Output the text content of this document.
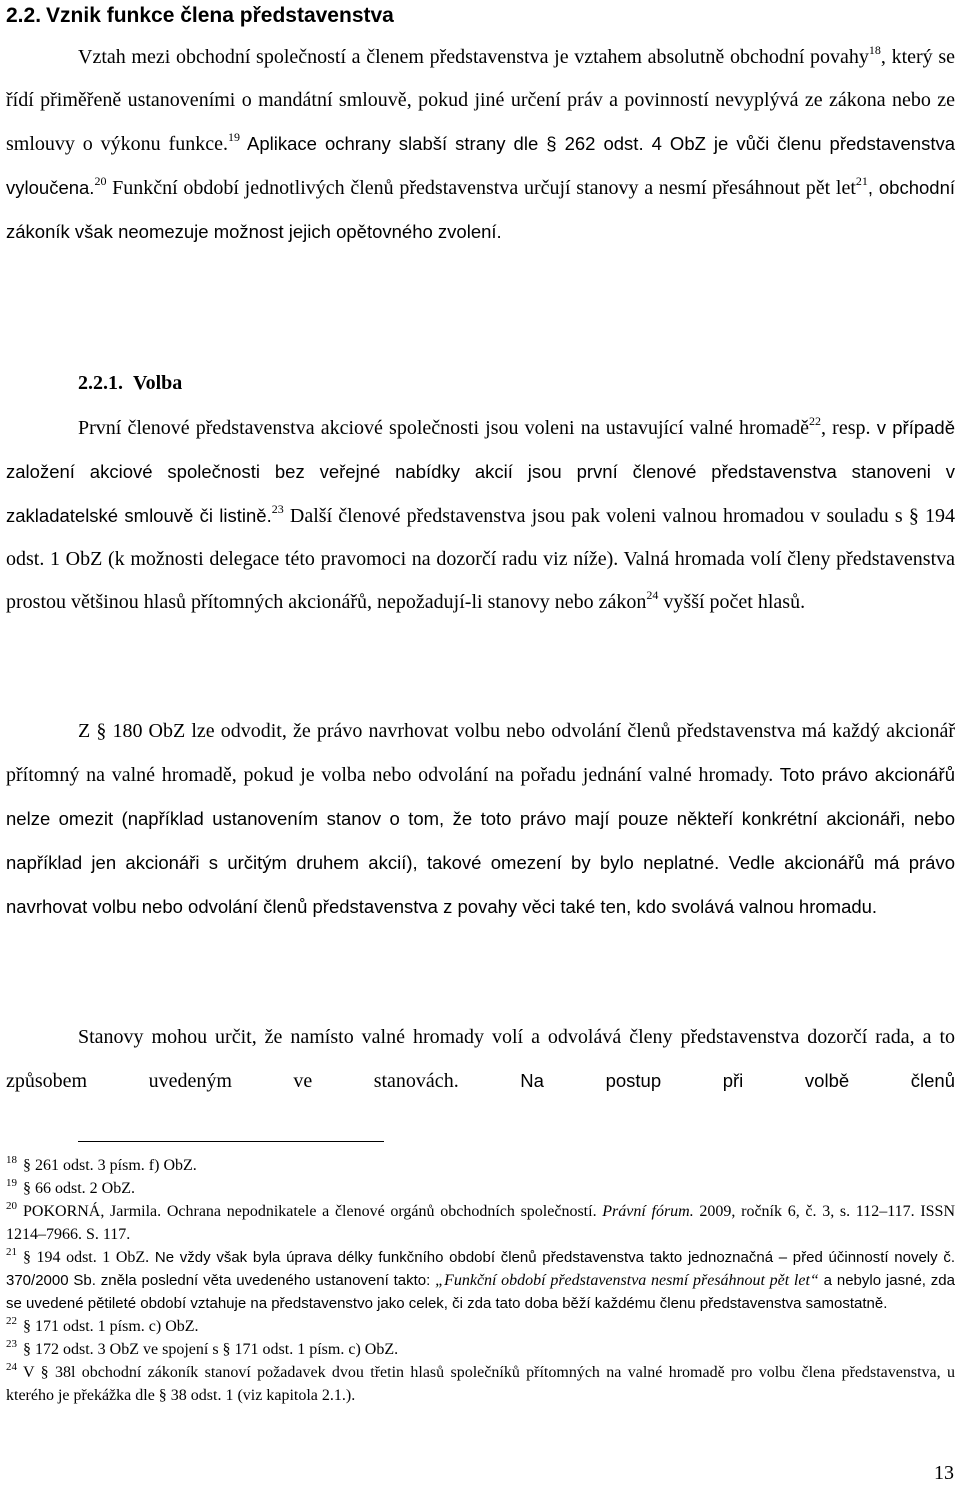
2.2. Vznik funkce člena představenstva

Vztah mezi obchodní společností a členem představenstva je vztahem absolutně obchodní povahy$^{18}$, který se řídí přiměřeně ustanoveními o mandátní smlouvě, pokud jiné určení práv a povinností nevyplývá ze zákona nebo ze smlouvy o výkonu funkce.$^{19}$ Aplikace ochrany slabší strany dle § 262 odst. 4 ObZ je vůči členu představenstva vyloučena.$^{20}$ Funkční období jednotlivých členů představenstva určují stanovy a nesmí přesáhnout pět let$^{21}$, obchodní zákoník však neomezuje možnost jejich opětovného zvolení.

2.2.1. Volba

První členové představenstva akciové společnosti jsou voleni na ustavující valné hromadě$^{22}$, resp. v případě založení akciové společnosti bez veřejné nabídky akcií jsou první členové představenstva stanoveni v zakladatelské smlouvě či listině.$^{23}$ Další členové představenstva jsou pak voleni valnou hromadou v souladu s § 194 odst. 1 ObZ (k možnosti delegace této pravomoci na dozorčí radu viz níže). Valná hromada volí členy představenstva prostou většinou hlasů přítomných akcionářů, nepožadují-li stanovy nebo zákon$^{24}$ vyšší počet hlasů.

Z § 180 ObZ lze odvodit, že právo navrhovat volbu nebo odvolání členů představenstva má každý akcionář přítomný na valné hromadě, pokud je volba nebo odvolání na pořadu jednání valné hromady. Toto právo akcionářů nelze omezit (například ustanovením stanov o tom, že toto právo mají pouze někteří konkrétní akcionáři, nebo například jen akcionáři s určitým druhem akcií), takové omezení by bylo neplatné. Vedle akcionářů má právo navrhovat volbu nebo odvolání členů představenstva z povahy věci také ten, kdo svolává valnou hromadu.

Stanovy mohou určit, že namísto valné hromady volí a odvolává členy představenstva dozorčí rada, a to způsobem uvedeným ve stanovách. Na postup při volbě členů

$^{18}$ § 261 odst. 3 písm. f) ObZ.
$^{19}$ § 66 odst. 2 ObZ.
$^{20}$ POKORNÁ, Jarmila. Ochrana nepodnikatele a členové orgánů obchodních společností. Právní fórum. 2009, ročník 6, č. 3, s. 112–117. ISSN 1214–7966. S. 117.
$^{21}$ § 194 odst. 1 ObZ. Ne vždy však byla úprava délky funkčního období členů představenstva takto jednoznačná – před účinností novely č. 370/2000 Sb. zněla poslední věta uvedeného ustanovení takto: „Funkční období představenstva nesmí přesáhnout pět let“ a nebylo jasné, zda se uvedené pětileté období vztahuje na představenstvo jako celek, či zda tato doba běží každému členu představenstva samostatně.
$^{22}$ § 171 odst. 1 písm. c) ObZ.
$^{23}$ § 172 odst. 3 ObZ ve spojení s § 171 odst. 1 písm. c) ObZ.
$^{24}$ V § 38l obchodní zákoník stanoví požadavek dvou třetin hlasů společníků přítomných na valné hromadě pro volbu člena představenstva, u kterého je překážka dle § 38 odst. 1 (viz kapitola 2.1.).
13
